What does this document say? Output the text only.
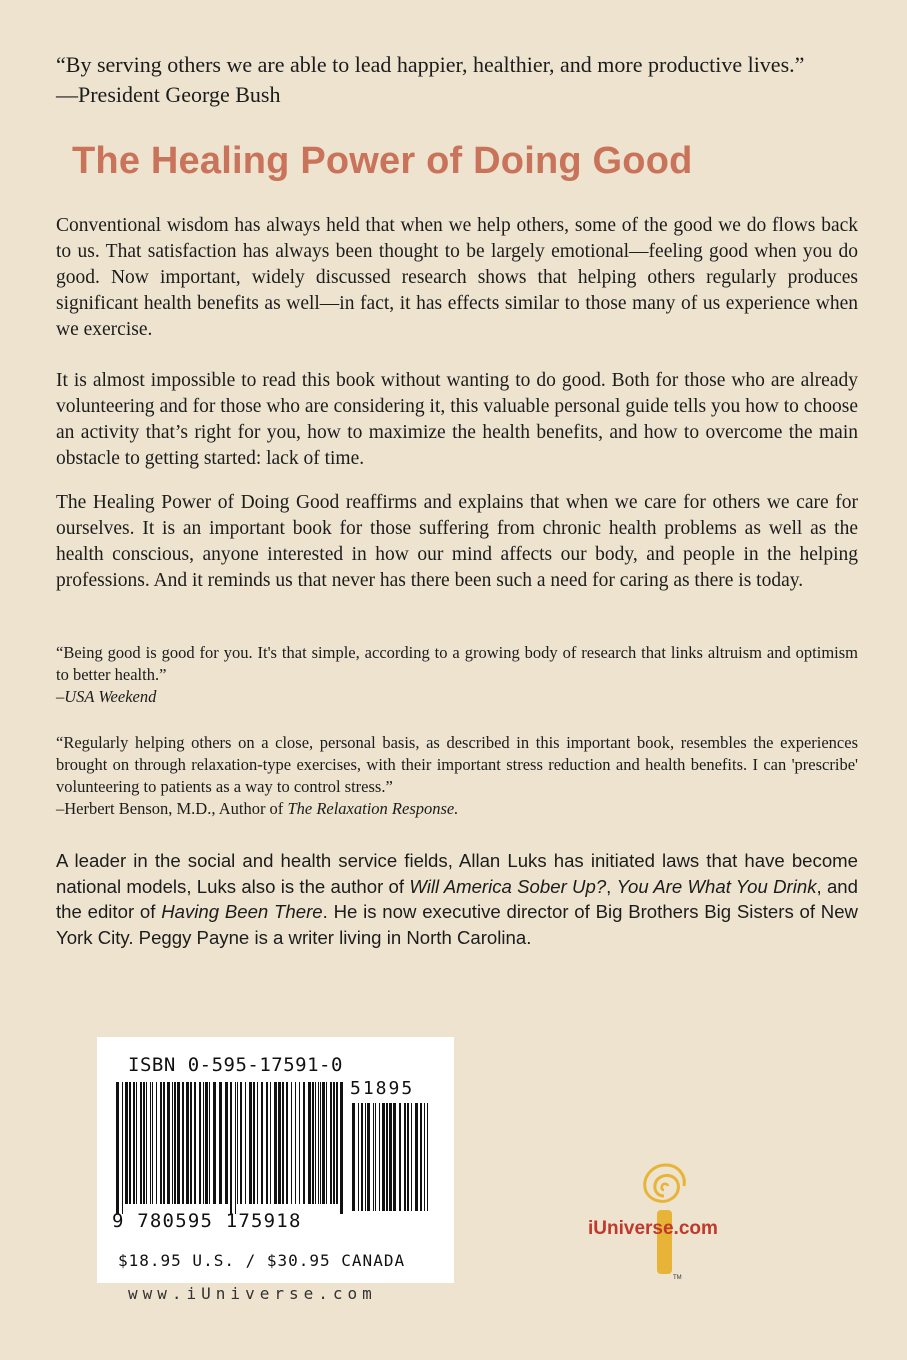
“By serving others we are able to lead happier, healthier, and more productive lives.”
—President George Bush
The Healing Power of Doing Good

Conventional wisdom has always held that when we help others, some of the good we do flows back to us. That satisfaction has always been thought to be largely emotional—feeling good when you do good. Now important, widely discussed research shows that helping others regularly produces significant health benefits as well—in fact, it has effects similar to those many of us experience when we exercise.

It is almost impossible to read this book without wanting to do good. Both for those who are already volunteering and for those who are considering it, this valuable personal guide tells you how to choose an activity that’s right for you, how to maximize the health benefits, and how to overcome the main obstacle to getting started: lack of time.

The Healing Power of Doing Good reaffirms and explains that when we care for others we care for ourselves. It is an important book for those suffering from chronic health problems as well as the health conscious, anyone interested in how our mind affects our body, and people in the helping professions. And it reminds us that never has there been such a need for caring as there is today.

“Being good is good for you. It's that simple, according to a growing body of research that links altruism and optimism to better health.”

–USA Weekend

“Regularly helping others on a close, personal basis, as described in this important book, resembles the experiences brought on through relaxation-type exercises, with their important stress reduction and health benefits. I can 'prescribe' volunteering to patients as a way to control stress.”

–Herbert Benson, M.D., Author of The Relaxation Response.

A leader in the social and health service fields, Allan Luks has initiated laws that have become national models, Luks also is the author of Will America Sober Up?, You Are What You Drink, and the editor of Having Been There. He is now executive director of Big Brothers Big Sisters of New York City. Peggy Payne is a writer living in North Carolina.

ISBN 0-595-17591-0
51895
9 780595 175918
$18.95 U.S. / $30.95 CANADA
www.iUniverse.com
TM
iUniverse.com
